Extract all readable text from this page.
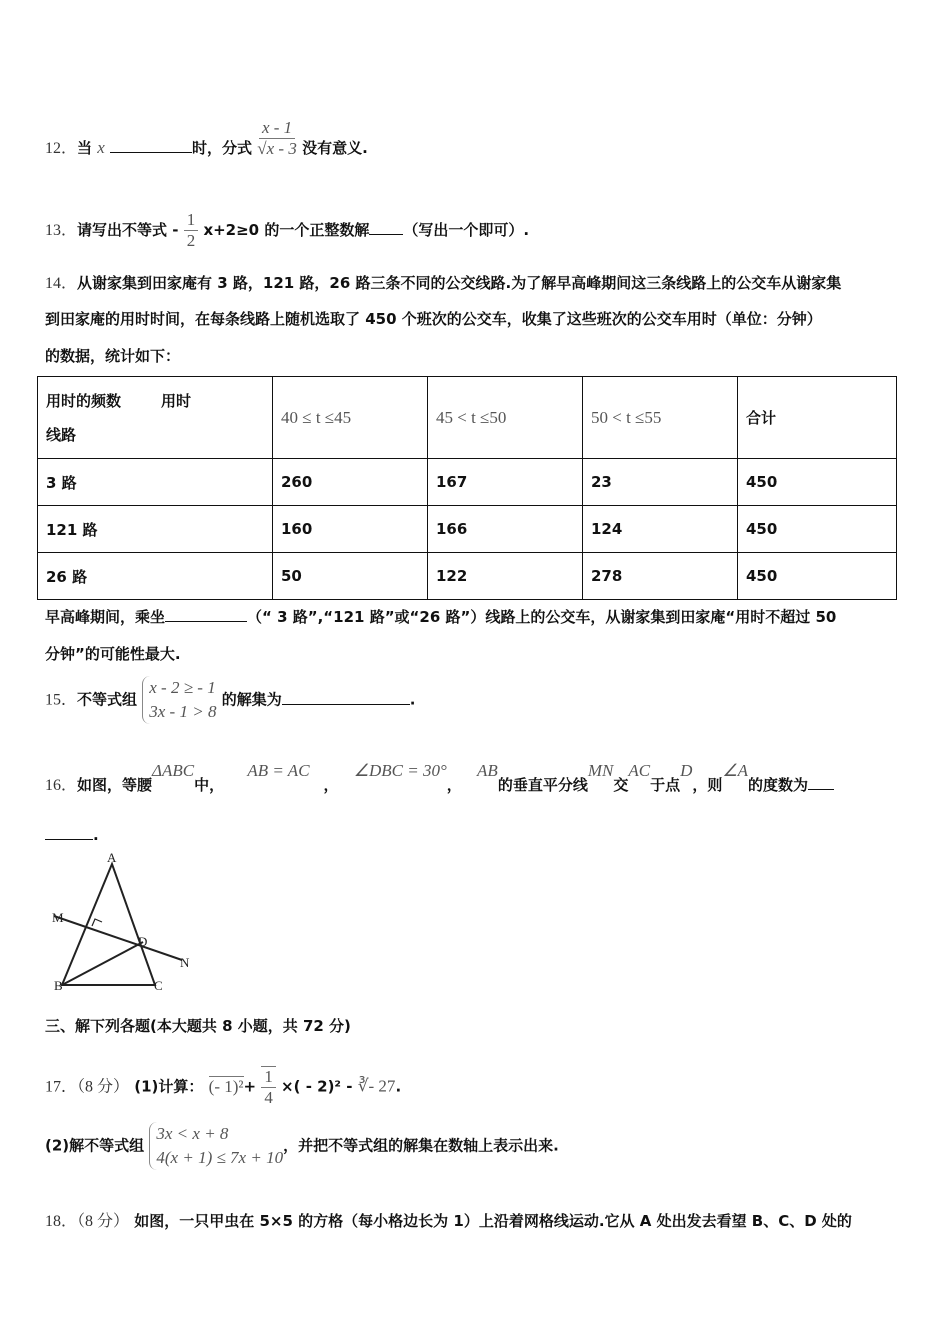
12．当 x	时，分式 $\frac{x - 1}{√x - 3}$ 没有意义.
13．请写出不等式 - $\frac{1}{2} x+2\ge 0$ 的一个正整数解 （写出一个即可）.
14．从谢家集到田家庵有 3 路，121 路，26 路三条不同的公交线路.为了解早高峰期间这三条线路上的公交车从谢家集
到田家庵的用时时间，在每条线路上随机选取了 450 个班次的公交车，收集了这些班次的公交车用时（单位：分钟）
的数据，统计如下：
用时的频数 用时
线路	40 ≤ t ≤45	45 < t ≤50	50 < t ≤55	合计
3 路	260	167	23	450
121 路	160	166	124	450
26 路	50	122	278	450
早高峰期间，乘坐	（“ 3 路”,“121 路”或“26 路”）线路上的公交车，从谢家集到田家庵“用时不超过 50
分钟”的可能性最大.
15．不等式组 x - 2 ≥ - 1
3x - 1 > 8 的解集为	.
16．如图，等腰ΔABC中， AB = AC， ∠DBC = 30°， AB的垂直平分线MN交AC于点D，则∠A的度数为
.
A
B	C
D
M
N
三、解下列各题(本大题共 8 小题，共 72 分)
17．（8 分） (1)计算： (- $1)^2+ \frac{1}{4}$ ×( - 2)² - ∛- 27.
(2)解不等式组 3x < x + 8
4(x + 1) ≤ 7x + 10，并把不等式组的解集在数轴上表示出来.
18．（8 分） 如图，一只甲虫在 5×5 的方格（每小格边长为 1）上沿着网格线运动.它从 A 处出发去看望 B、C、D 处的
